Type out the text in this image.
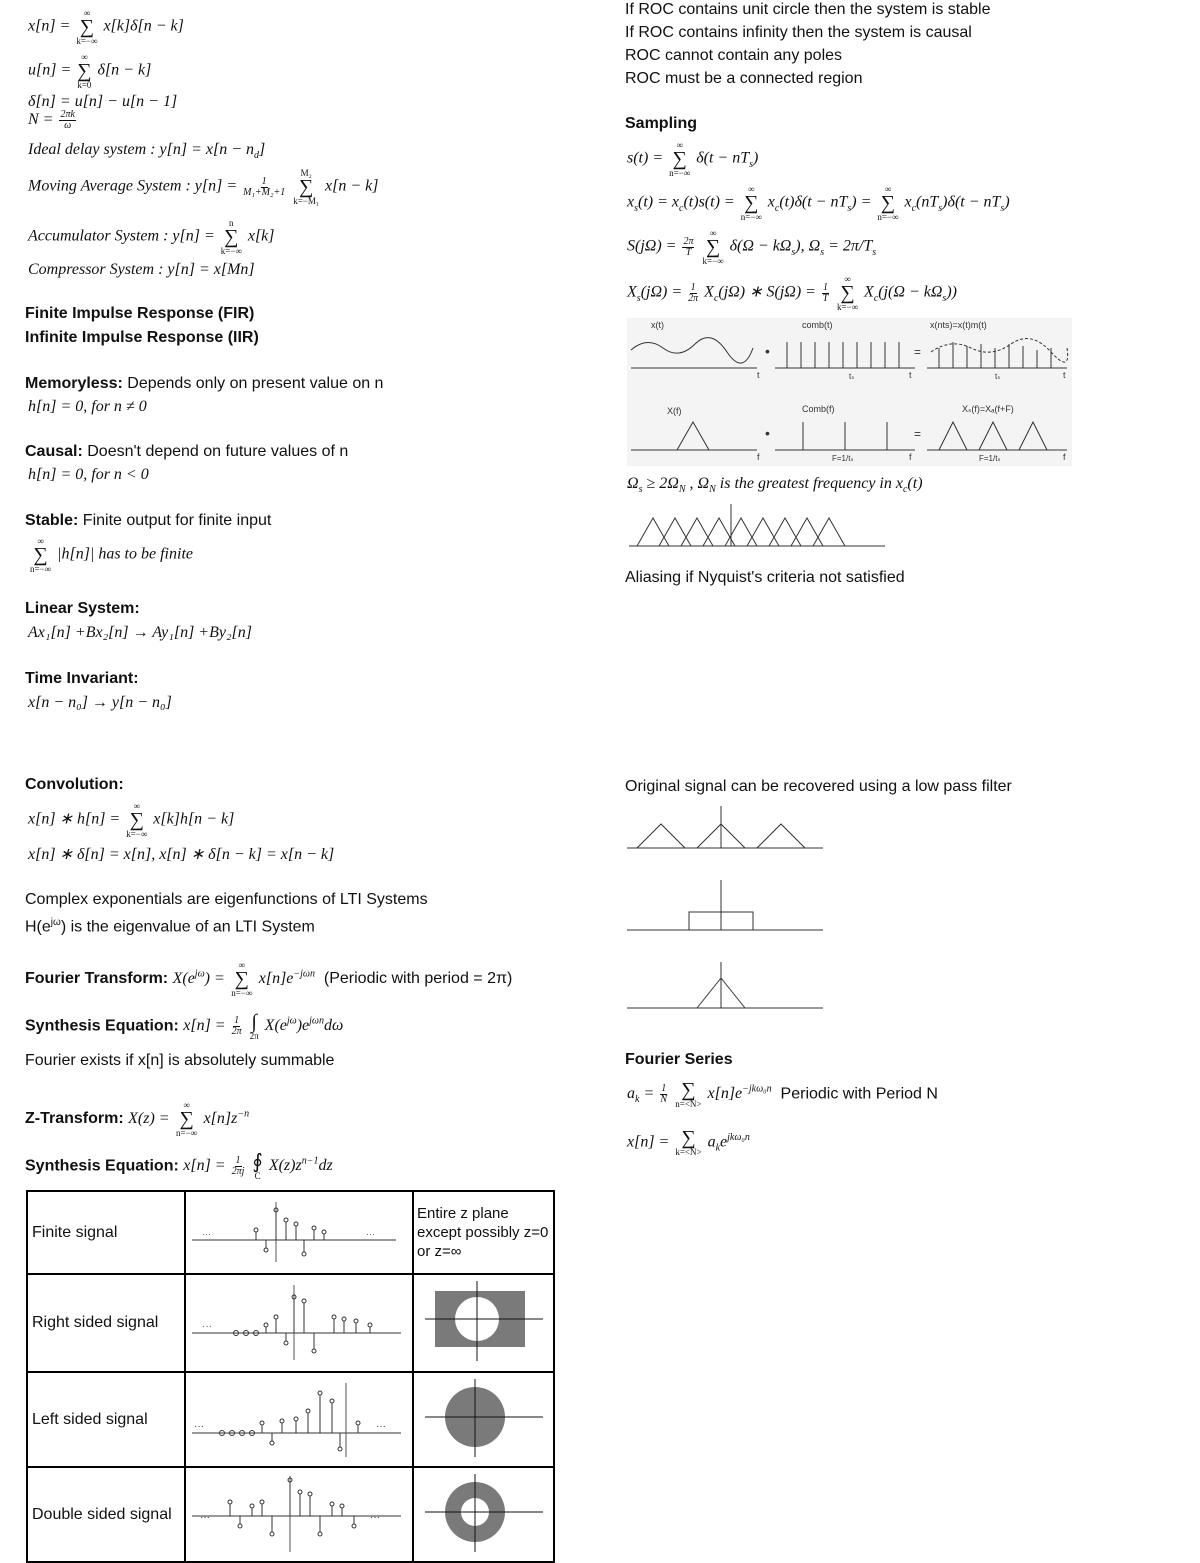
x[n] =
∞
∑
k=−∞
x[k]δ[n − k]
u[n] =
∞
∑
k=0
δ[n − k]
δ[n] = u[n] − u[n − 1]
$N = \frac{2\pi k}{\omega}$
Ideal delay system : $y[n] = x[n - n_d]$
Moving Average System : $y[n] = \frac{1}{\text{M₁+M₂+1}}$

M₂
∑
k=−M₁
x[n − k]
Accumulator System : y[n] =
n
∑
k=−∞
x[k]
Compressor System : y[n] = x[Mn]
Finite Impulse Response (FIR)
Infinite Impulse Response (IIR)
Memoryless: Depends only on present value on n
h[n] = 0, for n ≠ 0
Causal: Doesn't depend on future values of n
h[n] = 0, for n < 0
Stable: Finite output for finite input
∞
∑
n=−∞
|h[n]| has to be finite
Linear System:
Ax₁[n] +Bx₂[n] → Ay₁[n] +By₂[n]
Time Invariant:
x[n − n₀] → y[n − n₀]
Convolution:
x[n] ∗ h[n] =
∞
∑
k=−∞
x[k]h[n − k]
x[n] ∗ δ[n] = x[n], x[n] ∗ δ[n − k] = x[n − k]
Complex exponentials are eigenfunctions of LTI Systems
$H(e^{j\omega})$ is the eigenvalue of an LTI System
Fourier Transform: $X(e^{j\omega})$ =
∞
∑
n=−∞
$x[n]e^{-j\omega n}$ (Periodic with period = 2π)
Synthesis Equation: $x[n] = \frac{1}{2\pi}$
∫
2π
$X(e^{j\omega})e^{j\omega n}d\omega$
Fourier exists if x[n] is absolutely summable
Z-Transform: X(z) =
∞
∑
n=−∞
$x[n]z^{-n}$
Synthesis Equation: $x[n] = \frac{1}{2\pi j}$
∮
C
$X(z)z^{n-1}dz$
Finite signal	··· ···	Entire z plane except possibly z=0 or z=∞
Right sided signal	···

Left sided signal	··· ···

Double sided signal	··· ···

If ROC contains unit circle then the system is stable
If ROC contains infinity then the system is causal
ROC cannot contain any poles
ROC must be a connected region
Sampling
s(t) =
∞
∑
n=−∞
$\delta(t - nT_s)$
$x_s(t) = x_c(t)s(t)$ =
∞
∑
n=−∞
$x_c(t)\delta(t - nT_s)$ =
∞
∑
n=−∞
$x_c(nT_s)\delta(t - nT_s)$
$S(j\Omega) = \frac{2\pi}{T}$

∞
∑
k=−∞
$\delta(\Omega - k\Omega_s)$, $\Omega_s = 2\pi/T_s$
$X_s(j\Omega) = \frac{1}{2\pi} X_c(j\Omega)$ ∗ $S(j\Omega) = \frac{1}{T}$

∞
∑
k=−∞
$X_c(j(\Omega - k\Omega_s))$
•	=
•	=
x(t)	comb(t)	x(nts)=x(t)m(t)
X(f)	Comb(f)	Xₛ(f)=Xₐ(f+F)
t	t	t
f	f	f
tₛ	tₛ
F=1/tₛ	F=1/tₛ
$\Omega_s \ge 2\Omega_N$ , $\Omega_N$ is the greatest frequency in $x_c(t)$
Aliasing if Nyquist's criteria not satisfied
Original signal can be recovered using a low pass filter
Fourier Series
$a_k = \frac{1}{N}$
∑
n=<N>
$x[n]e^{-jk\omega_0n}$ Periodic with Period N
x[n] = ∑
k=<N>
$a_ke^{jk\omega_0n}$
